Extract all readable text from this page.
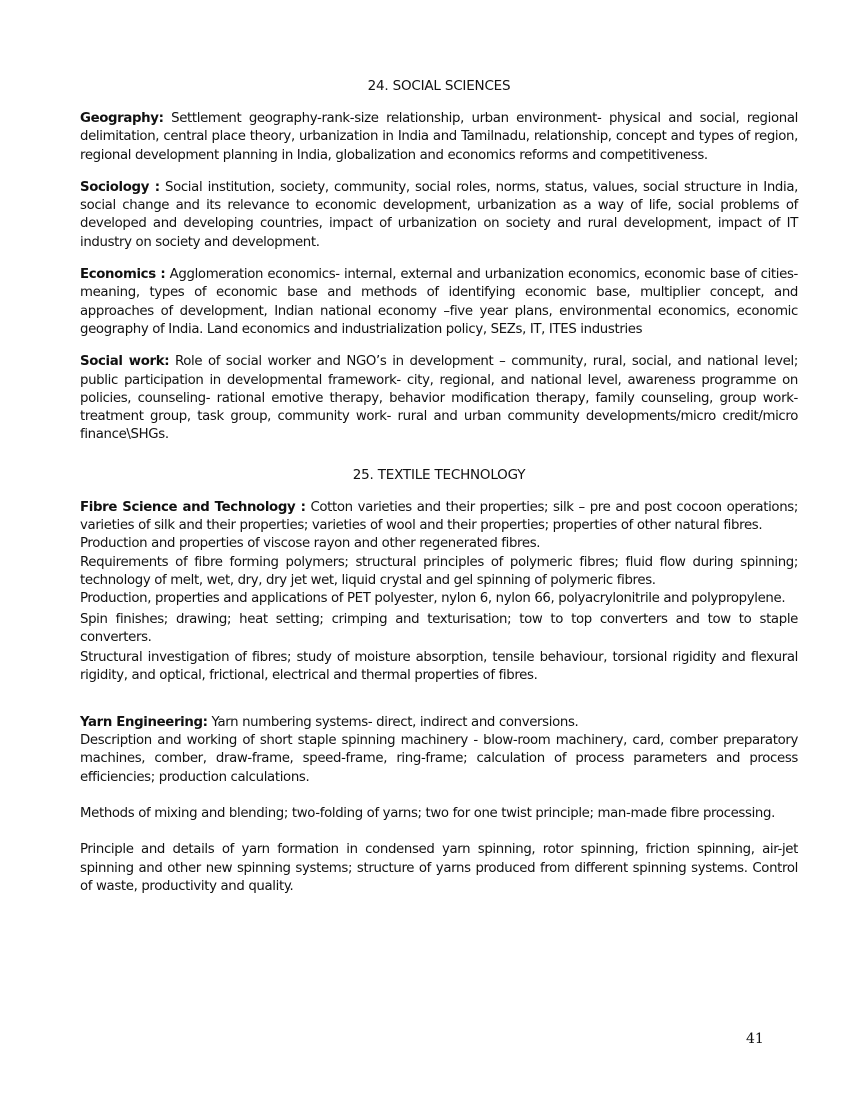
24. SOCIAL SCIENCES

Geography: Settlement geography-rank-size relationship, urban environment- physical and social, regional delimitation, central place theory, urbanization in India and Tamilnadu, relationship, concept and types of region, regional development planning in India, globalization and economics reforms and competitiveness.

Sociology : Social institution, society, community, social roles, norms, status, values, social structure in India, social change and its relevance to economic development, urbanization as a way of life, social problems of developed and developing countries, impact of urbanization on society and rural development, impact of IT industry on society and development.

Economics : Agglomeration economics- internal, external and urbanization economics, economic base of cities- meaning, types of economic base and methods of identifying economic base, multiplier concept, and approaches of development, Indian national economy –five year plans, environmental economics, economic geography of India. Land economics and industrialization policy, SEZs, IT, ITES industries

Social work: Role of social worker and NGO’s in development – community, rural, social, and national level; public participation in developmental framework- city, regional, and national level, awareness programme on policies, counseling- rational emotive therapy, behavior modification therapy, family counseling, group work- treatment group, task group, community work- rural and urban community developments/micro credit/micro finance\SHGs.

25. TEXTILE TECHNOLOGY

Fibre Science and Technology : Cotton varieties and their properties; silk – pre and post cocoon operations; varieties of silk and their properties; varieties of wool and their properties; properties of other natural fibres.

Production and properties of viscose rayon and other regenerated fibres.

Requirements of fibre forming polymers; structural principles of polymeric fibres; fluid flow during spinning; technology of melt, wet, dry, dry jet wet, liquid crystal and gel spinning of polymeric fibres.

Production, properties and applications of PET polyester, nylon 6, nylon 66, polyacrylonitrile and polypropylene.

Spin finishes; drawing; heat setting; crimping and texturisation; tow to top converters and tow to staple converters.

Structural investigation of fibres; study of moisture absorption, tensile behaviour, torsional rigidity and flexural rigidity, and optical, frictional, electrical and thermal properties of fibres.

Yarn Engineering: Yarn numbering systems- direct, indirect and conversions.

Description and working of short staple spinning machinery - blow-room machinery, card, comber preparatory machines, comber, draw-frame, speed-frame, ring-frame; calculation of process parameters and process efficiencies; production calculations.

Methods of mixing and blending; two-folding of yarns; two for one twist principle; man-made fibre processing.

Principle and details of yarn formation in condensed yarn spinning, rotor spinning, friction spinning, air-jet spinning and other new spinning systems; structure of yarns produced from different spinning systems. Control of waste, productivity and quality.

41
